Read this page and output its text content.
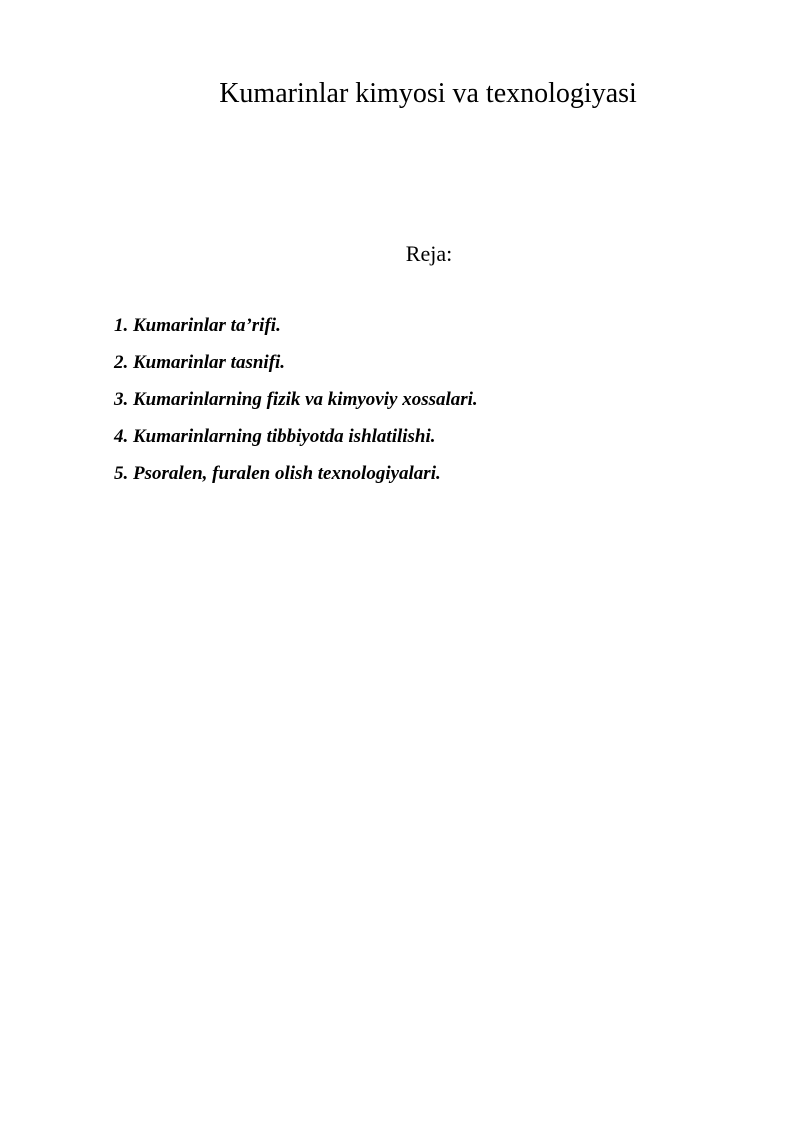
Kumarinlar kimyosi va texnologiyasi

Reja:

1. Kumarinlar ta’rifi.
2. Kumarinlar tasnifi.
3. Kumarinlarning fizik va kimyoviy xossalari.
4. Kumarinlarning tibbiyotda ishlatilishi.
5. Psoralen, furalen olish texnologiyalari.
